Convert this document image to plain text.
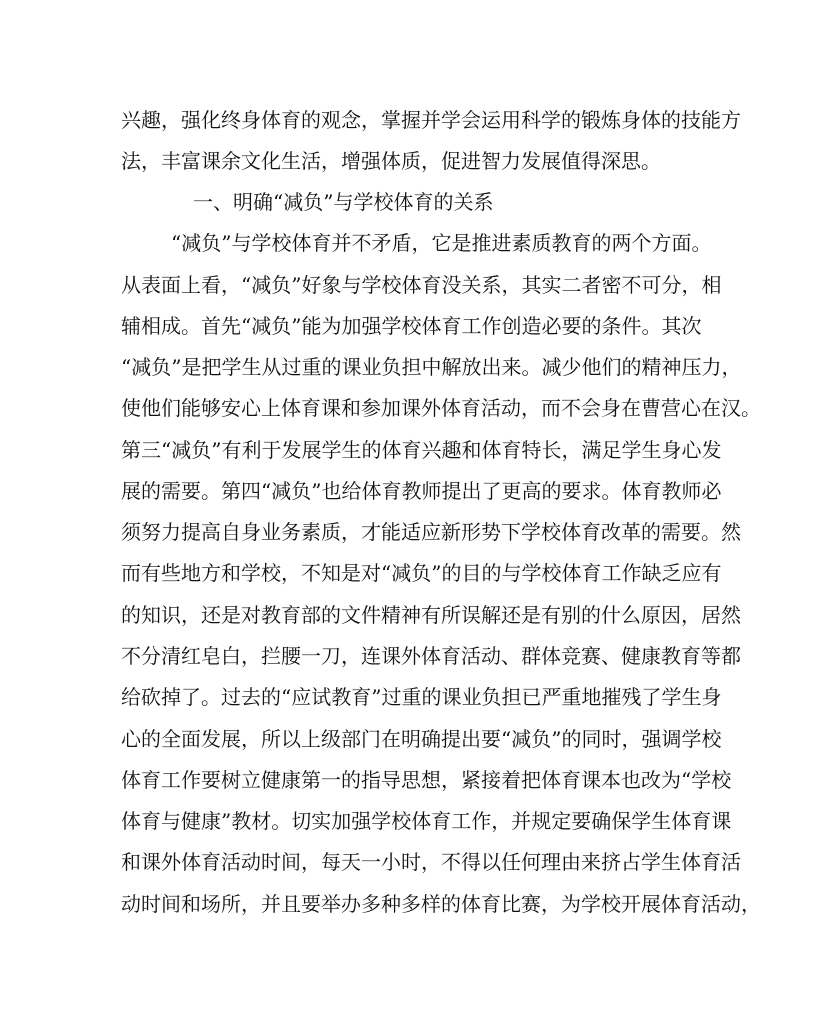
兴趣，强化终身体育的观念，掌握并学会运用科学的锻炼身体的技能方
法，丰富课余文化生活，增强体质，促进智力发展值得深思。
一、明确“减负”与学校体育的关系
“减负”与学校体育并不矛盾，它是推进素质教育的两个方面。
从表面上看，“减负”好象与学校体育没关系，其实二者密不可分，相
辅相成。首先“减负”能为加强学校体育工作创造必要的条件。其次
“减负”是把学生从过重的课业负担中解放出来。减少他们的精神压力，
使他们能够安心上体育课和参加课外体育活动，而不会身在曹营心在汉。
第三“减负”有利于发展学生的体育兴趣和体育特长，满足学生身心发
展的需要。第四“减负”也给体育教师提出了更高的要求。体育教师必
须努力提高自身业务素质，才能适应新形势下学校体育改革的需要。然
而有些地方和学校，不知是对“减负”的目的与学校体育工作缺乏应有
的知识，还是对教育部的文件精神有所误解还是有别的什么原因，居然
不分清红皂白，拦腰一刀，连课外体育活动、群体竞赛、健康教育等都
给砍掉了。过去的“应试教育”过重的课业负担已严重地摧残了学生身
心的全面发展，所以上级部门在明确提出要“减负”的同时，强调学校
体育工作要树立健康第一的指导思想，紧接着把体育课本也改为“学校
体育与健康”教材。切实加强学校体育工作，并规定要确保学生体育课
和课外体育活动时间，每天一小时，不得以任何理由来挤占学生体育活
动时间和场所，并且要举办多种多样的体育比赛，为学校开展体育活动，
